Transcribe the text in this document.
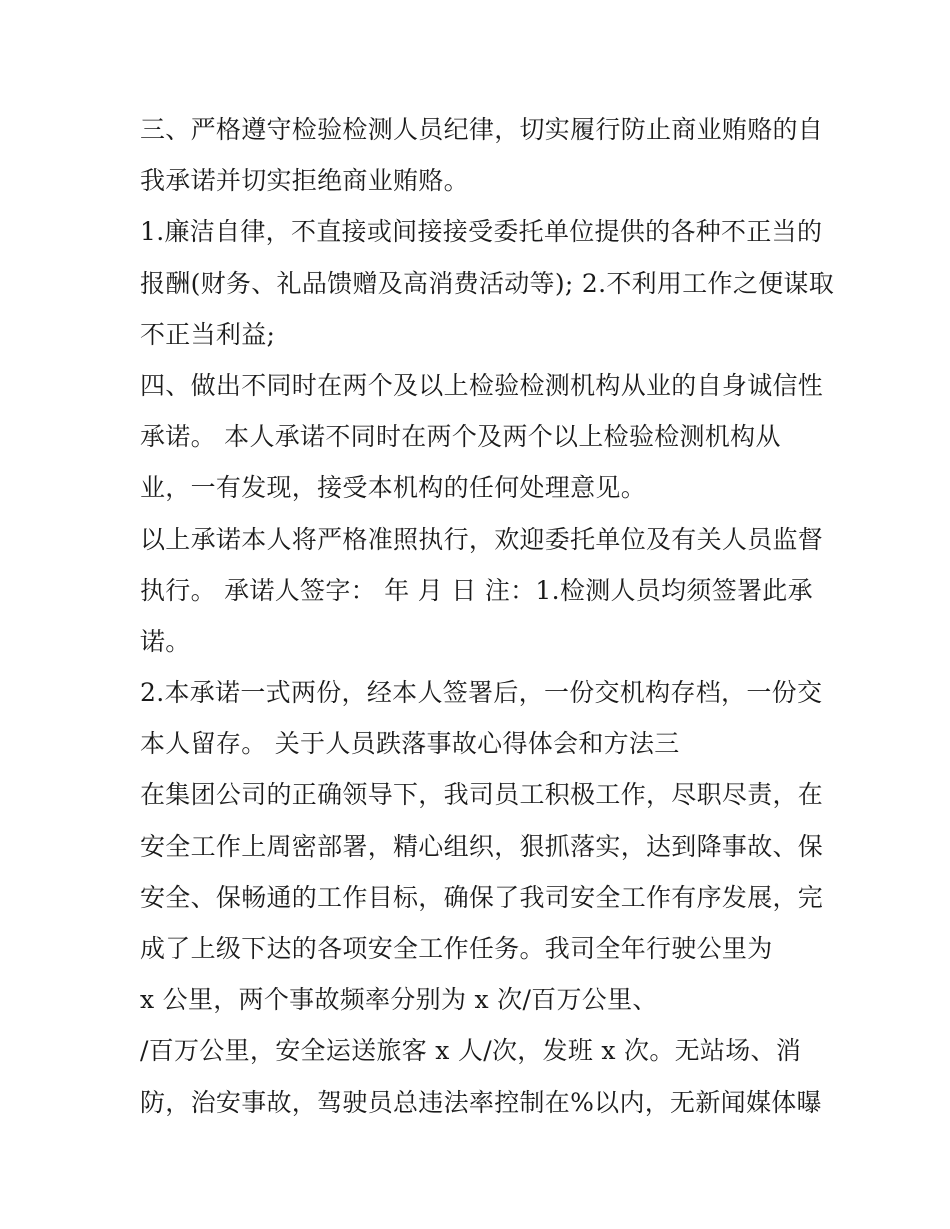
三、严格遵守检验检测人员纪律，切实履行防止商业贿赂的自
我承诺并切实拒绝商业贿赂。
1.廉洁自律，不直接或间接接受委托单位提供的各种不正当的
报酬(财务、礼品馈赠及高消费活动等); 2.不利用工作之便谋取
不正当利益;
四、做出不同时在两个及以上检验检测机构从业的自身诚信性
承诺。 本人承诺不同时在两个及两个以上检验检测机构从
业，一有发现，接受本机构的任何处理意见。
以上承诺本人将严格准照执行，欢迎委托单位及有关人员监督
执行。 承诺人签字： 年 月 日 注：1.检测人员均须签署此承
诺。
2.本承诺一式两份，经本人签署后，一份交机构存档，一份交
本人留存。 关于人员跌落事故心得体会和方法三
在集团公司的正确领导下，我司员工积极工作，尽职尽责，在
安全工作上周密部署，精心组织，狠抓落实，达到降事故、保
安全、保畅通的工作目标，确保了我司安全工作有序发展，完
成了上级下达的各项安全工作任务。我司全年行驶公里为
x 公里，两个事故频率分别为 x 次/百万公里、
/百万公里，安全运送旅客 x 人/次，发班 x 次。无站场、消
防，治安事故，驾驶员总违法率控制在%以内，无新闻媒体曝
